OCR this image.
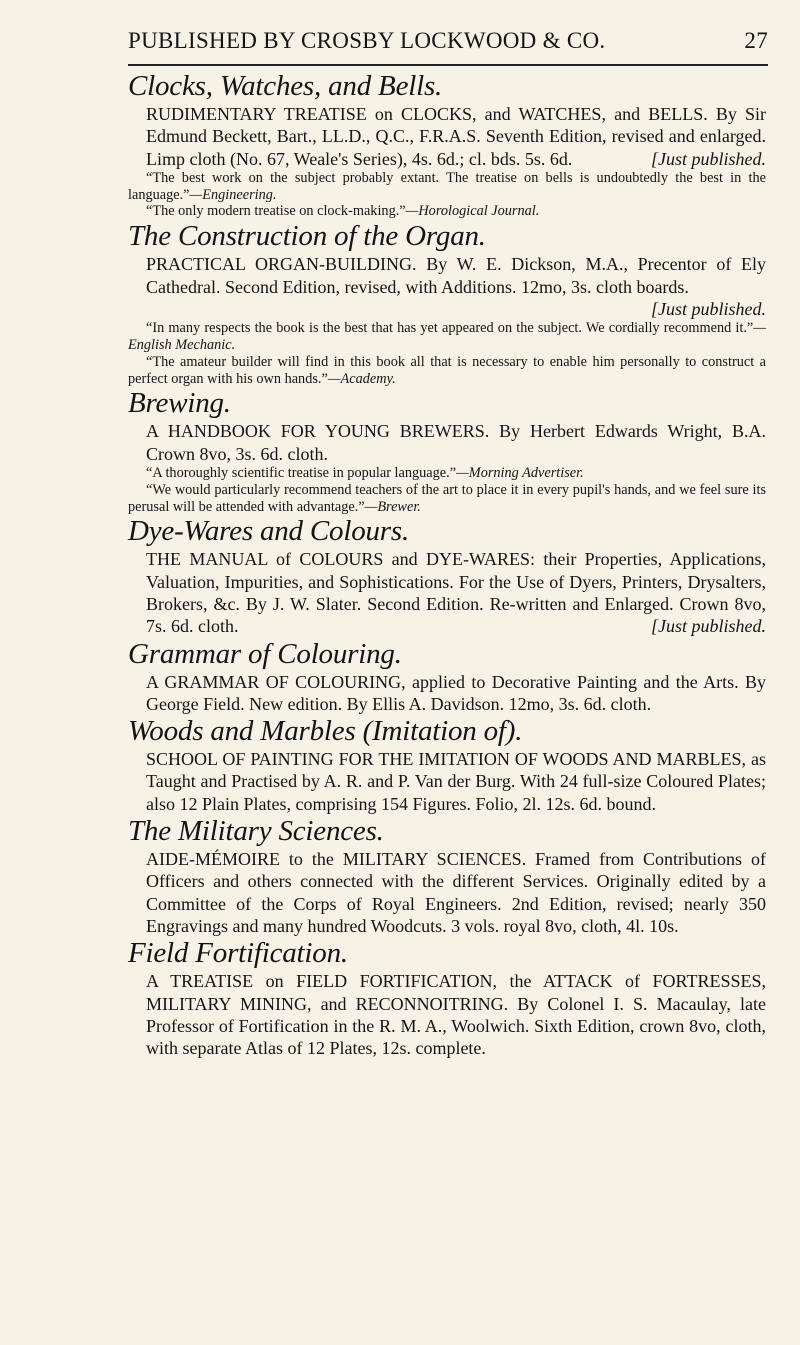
PUBLISHED BY CROSBY LOCKWOOD & CO.	27
Clocks, Watches, and Bells.

RUDIMENTARY TREATISE on CLOCKS, and WATCHES, and BELLS. By Sir Edmund Beckett, Bart., LL.D., Q.C., F.R.A.S. Seventh Edition, revised and enlarged. Limp cloth (No. 67, Weale's Series), 4s. 6d.; cl. bds. 5s. 6d.	[Just published.

“The best work on the subject probably extant. The treatise on bells is undoubtedly the best in the language.”—Engineering.

“The only modern treatise on clock-making.”—Horological Journal.

The Construction of the Organ.

PRACTICAL ORGAN-BUILDING. By W. E. Dickson, M.A., Precentor of Ely Cathedral. Second Edition, revised, with Additions. 12mo, 3s. cloth boards.
[Just published.

“In many respects the book is the best that has yet appeared on the subject. We cordially recommend it.”—English Mechanic.

“The amateur builder will find in this book all that is necessary to enable him personally to construct a perfect organ with his own hands.”—Academy.

Brewing.

A HANDBOOK FOR YOUNG BREWERS. By Herbert Edwards Wright, B.A. Crown 8vo, 3s. 6d. cloth.

“A thoroughly scientific treatise in popular language.”—Morning Advertiser.

“We would particularly recommend teachers of the art to place it in every pupil's hands, and we feel sure its perusal will be attended with advantage.”—Brewer.

Dye-Wares and Colours.

THE MANUAL of COLOURS and DYE-WARES: their Properties, Applications, Valuation, Impurities, and Sophistications. For the Use of Dyers, Printers, Drysalters, Brokers, &c. By J. W. Slater. Second Edition. Re-written and Enlarged. Crown 8vo, 7s. 6d. cloth.	[Just published.

Grammar of Colouring.

A GRAMMAR OF COLOURING, applied to Decorative Painting and the Arts. By George Field. New edition. By Ellis A. Davidson. 12mo, 3s. 6d. cloth.

Woods and Marbles (Imitation of).

SCHOOL OF PAINTING FOR THE IMITATION OF WOODS AND MARBLES, as Taught and Practised by A. R. and P. Van der Burg. With 24 full-size Coloured Plates; also 12 Plain Plates, comprising 154 Figures. Folio, 2l. 12s. 6d. bound.

The Military Sciences.

AIDE-MÉMOIRE to the MILITARY SCIENCES. Framed from Contributions of Officers and others connected with the different Services. Originally edited by a Committee of the Corps of Royal Engineers. 2nd Edition, revised; nearly 350 Engravings and many hundred Woodcuts. 3 vols. royal 8vo, cloth, 4l. 10s.

Field Fortification.

A TREATISE on FIELD FORTIFICATION, the ATTACK of FORTRESSES, MILITARY MINING, and RECONNOITRING. By Colonel I. S. Macaulay, late Professor of Fortification in the R. M. A., Woolwich. Sixth Edition, crown 8vo, cloth, with separate Atlas of 12 Plates, 12s. complete.
